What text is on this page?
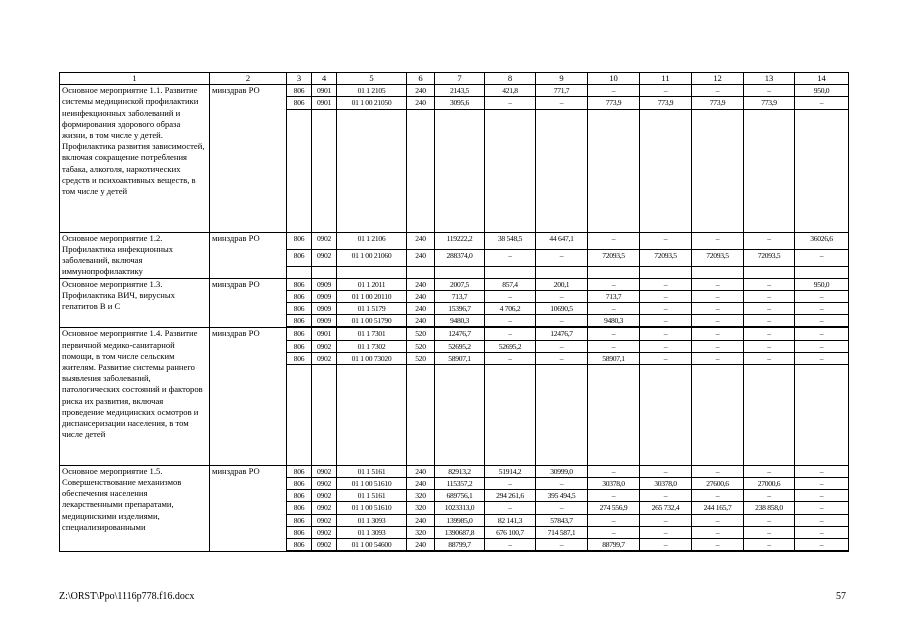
1	2	3	4	5	6	7	8	9	10	11	12	13	14

Основное мероприятие 1.1. Развитие системы медицинской профилактики неинфекционных заболеваний и формирования здорового образа жизни, в том числе у детей. Профилактика развития зависимостей, включая сокращение потребления табака, алкоголя, наркотических средств и психоактивных веществ, в том числе у детей	минздрав РО	806	0901	01 1 2105	240	2143,5	421,8	771,7	–	–	–	–	950,0
		806	0901	01 1 00 21050	240	3095,6	–	–	773,9	773,9	773,9	773,9	–

Основное мероприятие 1.2. Профилактика инфекционных заболеваний, включая иммунопрофилактику	минздрав РО	806	0902	01 1 2106	240	119222,2	38 548,5	44 647,1	–	–	–	–	36026,6
		806	0902	01 1 00 21060	240	288374,0	–	–	72093,5	72093,5	72093,5	72093,5	–

Основное мероприятие 1.3. Профилактика ВИЧ, вирусных гепатитов В и С	минздрав РО	806	0909	01 1 2011	240	2007,5	857,4	200,1	–	–	–	–	950,0
		806	0909	01 1 00 20110	240	713,7	–	–	713,7	–	–	–	–
		806	0909	01 1 5179	240	15396,7	4 706,2	10690,5	–	–	–	–	–
		806	0909	01 1 00 51790	240	9480,3	–	–	9480,3	–	–	–	–

Основное мероприятие 1.4. Развитие первичной медико-санитарной помощи, в том числе сельским жителям. Развитие системы раннего выявления заболеваний, патологических состояний и факторов риска их развития, включая проведение медицинских осмотров и диспансеризации населения, в том числе детей	минздрав РО	806	0901	01 1 7301	520	12476,7	–	12476,7	–	–	–	–	–
		806	0902	01 1 7302	520	52695,2	52695,2	–	–	–	–	–	–
		806	0902	01 1 00 73020	520	58907,1	–	–	58907,1	–	–	–	–

Основное мероприятие 1.5. Совершенствование механизмов обеспечения населения лекарственными препаратами, медицинскими изделиями, специализированными	минздрав РО	806	0902	01 1 5161	240	82913,2	51914,2	30999,0	–	–	–	–	–
		806	0902	01 1 00 51610	240	115357,2	–	–	30378,0	30378,0	27600,6	27000,6	–
		806	0902	01 1 5161	320	689756,1	294 261,6	395 494,5	–	–	–	–	–
		806	0902	01 1 00 51610	320	1023313,0	–	–	274 556,9	265 732,4	244 165,7	238 858,0	–
		806	0902	01 1 3093	240	139985,0	82 141,3	57843,7	–	–	–	–	–
		806	0902	01 1 3093	320	1390687,8	676 100,7	714 587,1	–	–	–	–	–
		806	0902	01 1 00 54600	240	88799,7	–	–	88799,7	–	–	–	–

Z:\ORST\Ppo\1116p778.f16.docx	57
